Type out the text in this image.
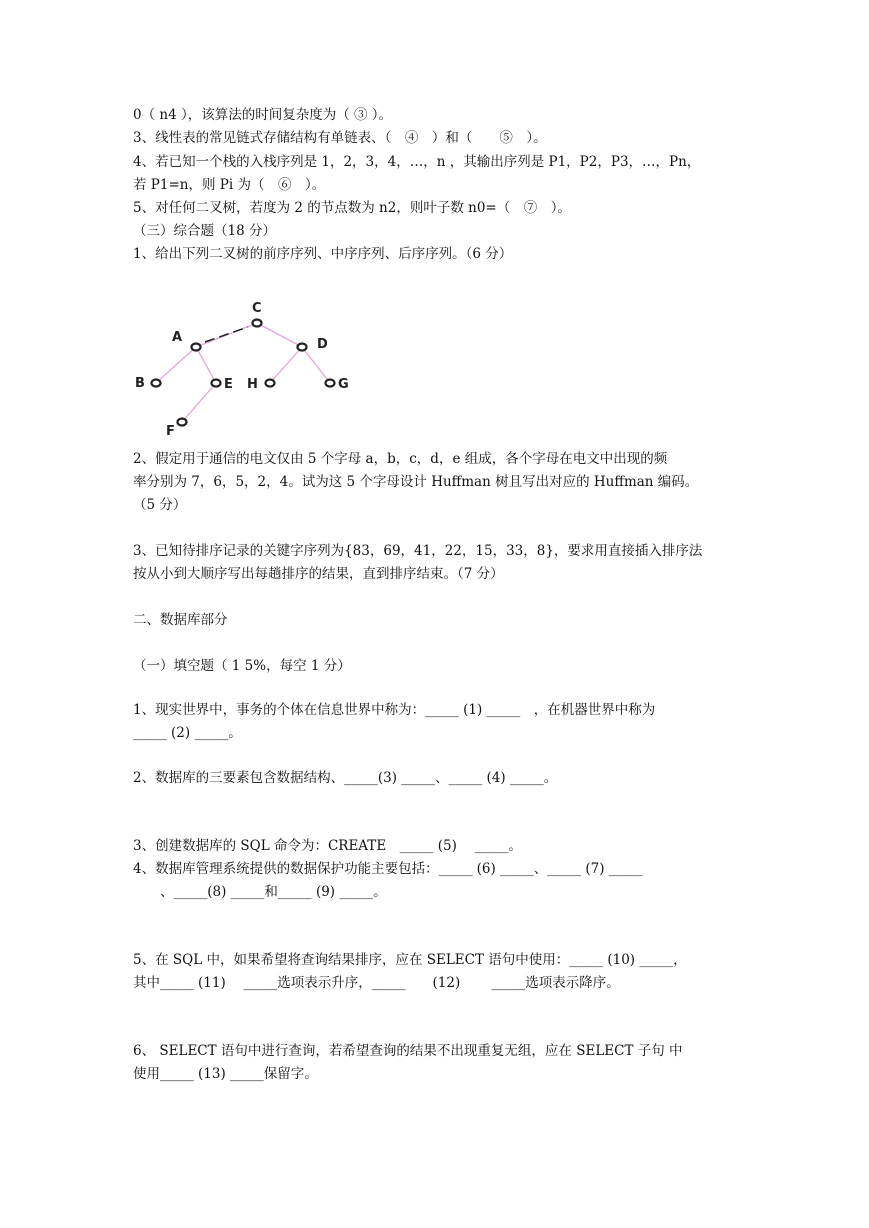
0（ n4 ），该算法的时间复杂度为（ ③ ）。

3、线性表的常见链式存储结构有单链表、（　④　）和（　　⑤　）。

4、若已知一个栈的入栈序列是 1，2，3，4，…，n ，其输出序列是 P1，P2，P3，…，Pn，

若 P1=n，则 Pi 为（　⑥　）。

5、对任何二叉树，若度为 2 的节点数为 n2，则叶子数 n0=（　⑦　）。

（三）综合题（18 分）

1、给出下列二叉树的前序序列、中序序列、后序序列。（6 分）

C
A	D
B	E H	G
F

2、假定用于通信的电文仅由 5 个字母 a，b，c，d，e 组成，各个字母在电文中出现的频

率分别为 7，6，5，2，4。试为这 5 个字母设计 Huffman 树且写出对应的 Huffman 编码。

（5 分）

3、已知待排序记录的关键字序列为{83，69，41，22，15，33，8}，要求用直接插入排序法

按从小到大顺序写出每趟排序的结果，直到排序结束。（7 分）

二、数据库部分

（一）填空题（ 1 5%，每空 1 分）

1、现实世界中，事务的个体在信息世界中称为：_____ (1) _____　，在机器世界中称为

_____ (2) _____。

2、数据库的三要素包含数据结构、_____(3) _____、_____ (4) _____。

3、创建数据库的 SQL 命令为：CREATE　_____ (5)　 _____。

4、数据库管理系统提供的数据保护功能主要包括：_____ (6) _____、_____ (7) _____

　　、_____(8) _____和_____ (9) _____。

5、在 SQL 中，如果希望将查询结果排序，应在 SELECT 语句中使用：_____ (10) _____，

其中_____ (11)　 _____选项表示升序，_____　　(12)　　 _____选项表示降序。

6、 SELECT 语句中进行查询，若希望查询的结果不出现重复无组，应在 SELECT 子句 中

使用_____ (13) _____保留字。
